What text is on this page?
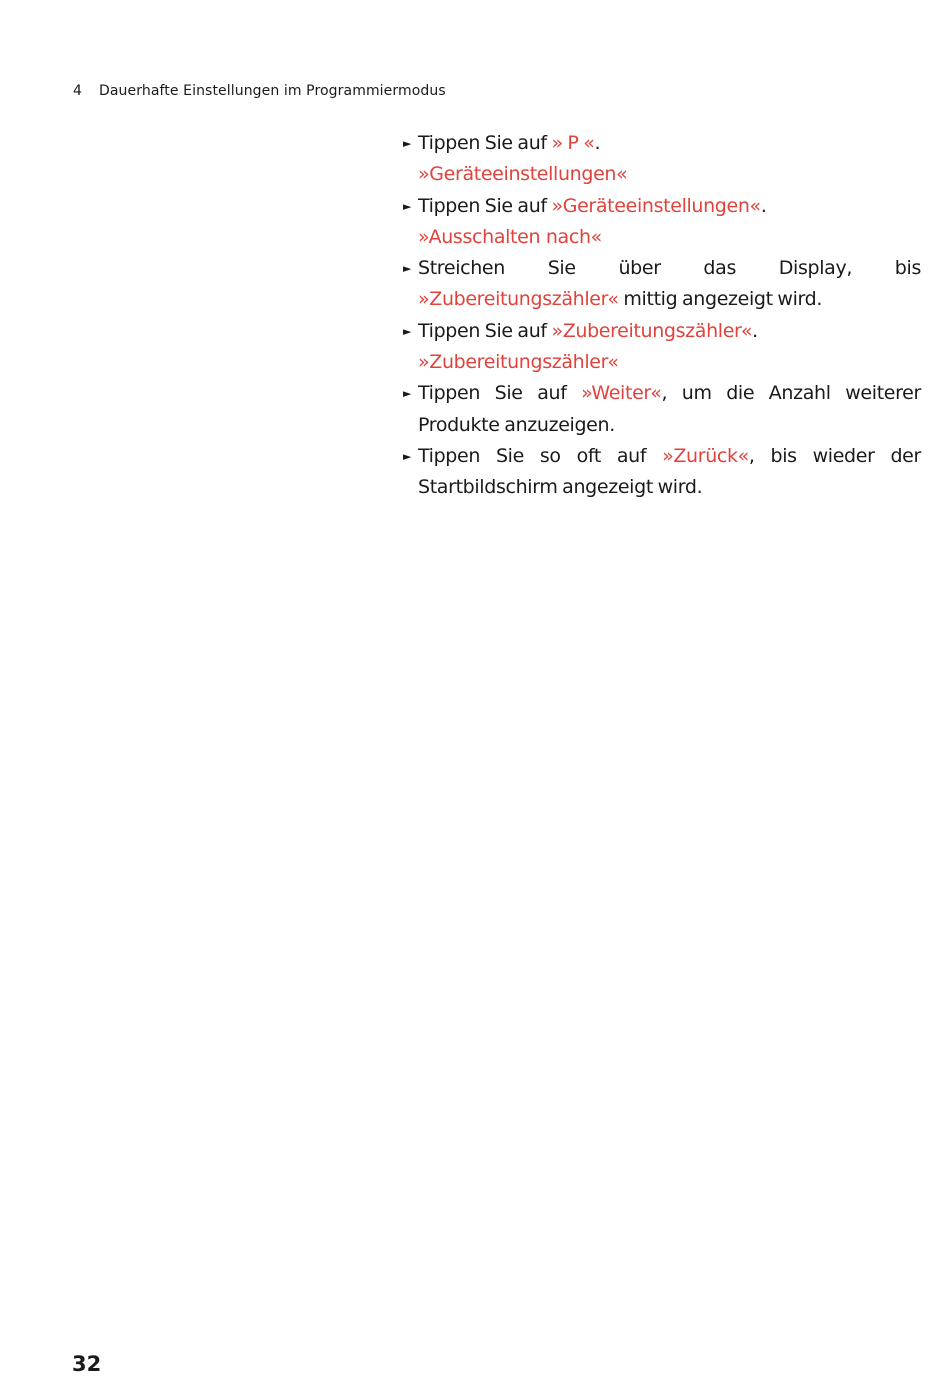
4 Dauerhafte Einstellungen im Programmiermodus
► Tippen Sie auf » P «.
»Geräteeinstellungen«
► Tippen Sie auf »Geräteeinstellungen«.
»Ausschalten nach«
► Streichen Sie über das Display, bis »Zubereitungszähler« mittig angezeigt wird.
► Tippen Sie auf »Zubereitungszähler«.
»Zubereitungszähler«
► Tippen Sie auf »Weiter«, um die Anzahl weiterer Produkte anzuzeigen.
► Tippen Sie so oft auf »Zurück«, bis wieder der Startbildschirm angezeigt wird.
32
